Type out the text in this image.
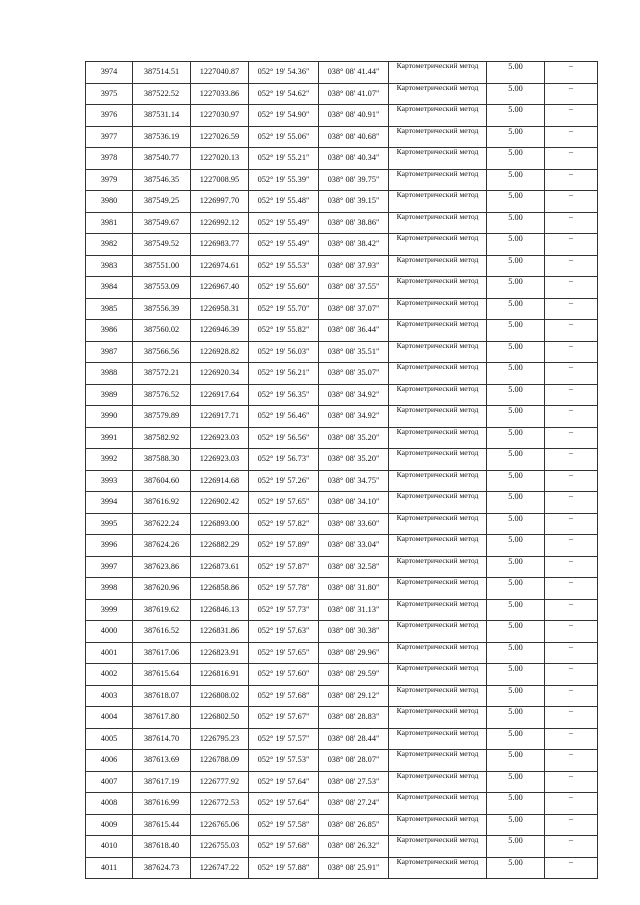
3974	387514.51	1227040.87	052° 19' 54.36"	038° 08' 41.44"	Картометрический метод	5.00	–
3975	387522.52	1227033.86	052° 19' 54.62"	038° 08' 41.07"	Картометрический метод	5.00	–
3976	387531.14	1227030.97	052° 19' 54.90"	038° 08' 40.91"	Картометрический метод	5.00	–
3977	387536.19	1227026.59	052° 19' 55.06"	038° 08' 40.68"	Картометрический метод	5.00	–
3978	387540.77	1227020.13	052° 19' 55.21"	038° 08' 40.34"	Картометрический метод	5.00	–
3979	387546.35	1227008.95	052° 19' 55.39"	038° 08' 39.75"	Картометрический метод	5.00	–
3980	387549.25	1226997.70	052° 19' 55.48"	038° 08' 39.15"	Картометрический метод	5.00	–
3981	387549.67	1226992.12	052° 19' 55.49"	038° 08' 38.86"	Картометрический метод	5.00	–
3982	387549.52	1226983.77	052° 19' 55.49"	038° 08' 38.42"	Картометрический метод	5.00	–
3983	387551.00	1226974.61	052° 19' 55.53"	038° 08' 37.93"	Картометрический метод	5.00	–
3984	387553.09	1226967.40	052° 19' 55.60"	038° 08' 37.55"	Картометрический метод	5.00	–
3985	387556.39	1226958.31	052° 19' 55.70"	038° 08' 37.07"	Картометрический метод	5.00	–
3986	387560.02	1226946.39	052° 19' 55.82"	038° 08' 36.44"	Картометрический метод	5.00	–
3987	387566.56	1226928.82	052° 19' 56.03"	038° 08' 35.51"	Картометрический метод	5.00	–
3988	387572.21	1226920.34	052° 19' 56.21"	038° 08' 35.07"	Картометрический метод	5.00	–
3989	387576.52	1226917.64	052° 19' 56.35"	038° 08' 34.92"	Картометрический метод	5.00	–
3990	387579.89	1226917.71	052° 19' 56.46"	038° 08' 34.92"	Картометрический метод	5.00	–
3991	387582.92	1226923.03	052° 19' 56.56"	038° 08' 35.20"	Картометрический метод	5.00	–
3992	387588.30	1226923.03	052° 19' 56.73"	038° 08' 35.20"	Картометрический метод	5.00	–
3993	387604.60	1226914.68	052° 19' 57.26"	038° 08' 34.75"	Картометрический метод	5.00	–
3994	387616.92	1226902.42	052° 19' 57.65"	038° 08' 34.10"	Картометрический метод	5.00	–
3995	387622.24	1226893.00	052° 19' 57.82"	038° 08' 33.60"	Картометрический метод	5.00	–
3996	387624.26	1226882.29	052° 19' 57.89"	038° 08' 33.04"	Картометрический метод	5.00	–
3997	387623.86	1226873.61	052° 19' 57.87"	038° 08' 32.58"	Картометрический метод	5.00	–
3998	387620.96	1226858.86	052° 19' 57.78"	038° 08' 31.80"	Картометрический метод	5.00	–
3999	387619.62	1226846.13	052° 19' 57.73"	038° 08' 31.13"	Картометрический метод	5.00	–
4000	387616.52	1226831.86	052° 19' 57.63"	038° 08' 30.38"	Картометрический метод	5.00	–
4001	387617.06	1226823.91	052° 19' 57.65"	038° 08' 29.96"	Картометрический метод	5.00	–
4002	387615.64	1226816.91	052° 19' 57.60"	038° 08' 29.59"	Картометрический метод	5.00	–
4003	387618.07	1226808.02	052° 19' 57.68"	038° 08' 29.12"	Картометрический метод	5.00	–
4004	387617.80	1226802.50	052° 19' 57.67"	038° 08' 28.83"	Картометрический метод	5.00	–
4005	387614.70	1226795.23	052° 19' 57.57"	038° 08' 28.44"	Картометрический метод	5.00	–
4006	387613.69	1226788.09	052° 19' 57.53"	038° 08' 28.07"	Картометрический метод	5.00	–
4007	387617.19	1226777.92	052° 19' 57.64"	038° 08' 27.53"	Картометрический метод	5.00	–
4008	387616.99	1226772.53	052° 19' 57.64"	038° 08' 27.24"	Картометрический метод	5.00	–
4009	387615.44	1226765.06	052° 19' 57.58"	038° 08' 26.85"	Картометрический метод	5.00	–
4010	387618.40	1226755.03	052° 19' 57.68"	038° 08' 26.32"	Картометрический метод	5.00	–
4011	387624.73	1226747.22	052° 19' 57.88"	038° 08' 25.91"	Картометрический метод	5.00	–
